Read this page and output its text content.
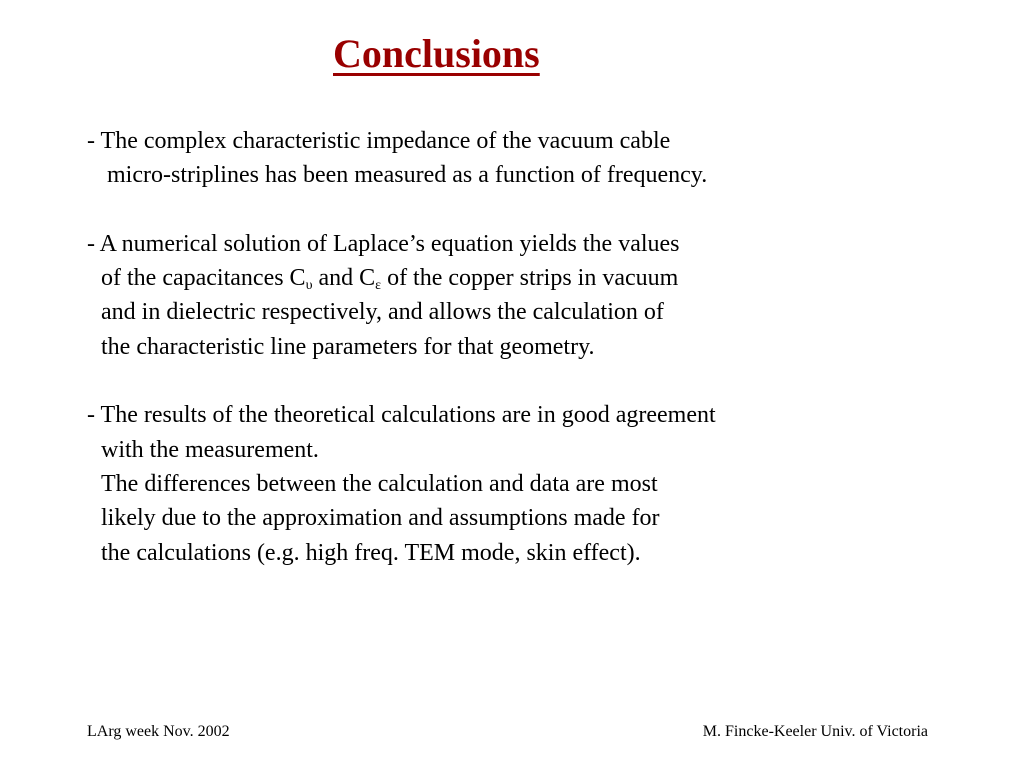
Conclusions
- The complex characteristic impedance of the vacuum cable
micro-striplines has been measured as a function of frequency.
- A numerical solution of Laplace’s equation yields the values
of the capacitances $C_\upsilon$ and $C_\varepsilon$ of the copper strips in vacuum
and in dielectric respectively, and allows the calculation of
the characteristic line parameters for that geometry.
- The results of the theoretical calculations are in good agreement
with the measurement.
The differences between the calculation and data are most
likely due to the approximation and assumptions made for
the calculations (e.g. high freq. TEM mode, skin effect).
LArg week Nov. 2002	M. Fincke-Keeler Univ. of Victoria
